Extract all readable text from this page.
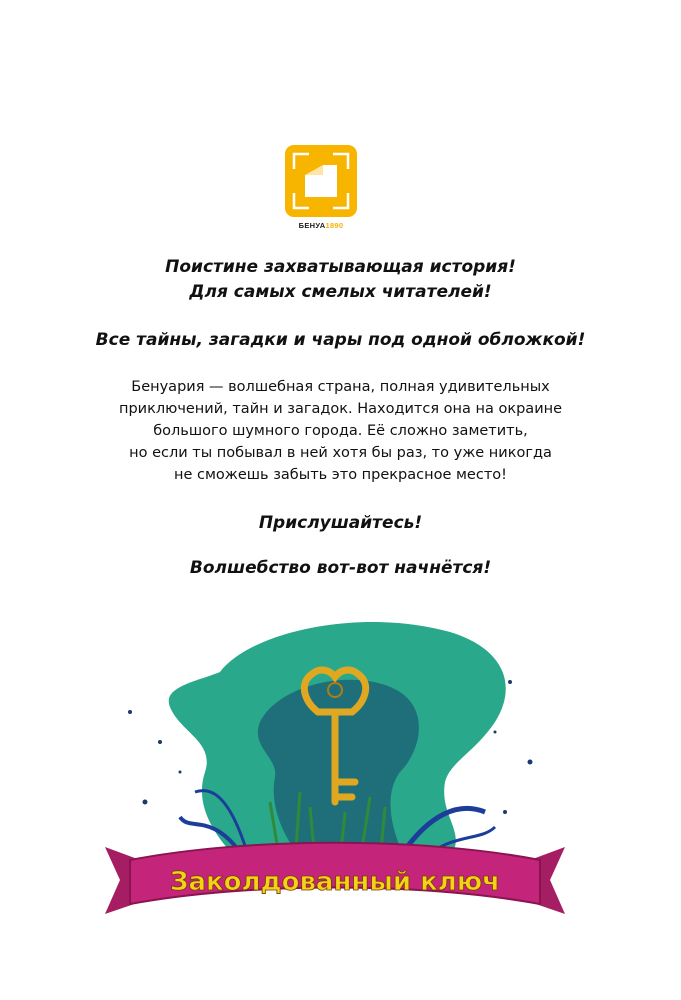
БЕНУА1890
Поистине захватывающая история!
Для самых смелых читателей!
Все тайны, загадки и чары под одной обложкой!
Бенуария — волшебная страна, полная удивительных
приключений, тайн и загадок. Находится она на окраине
большого шумного города. Её сложно заметить,
но если ты побывал в ней хотя бы раз, то уже никогда
не сможешь забыть это прекрасное место!
Прислушайтесь!
Волшебство вот-вот начнётся!
Заколдованный ключ
